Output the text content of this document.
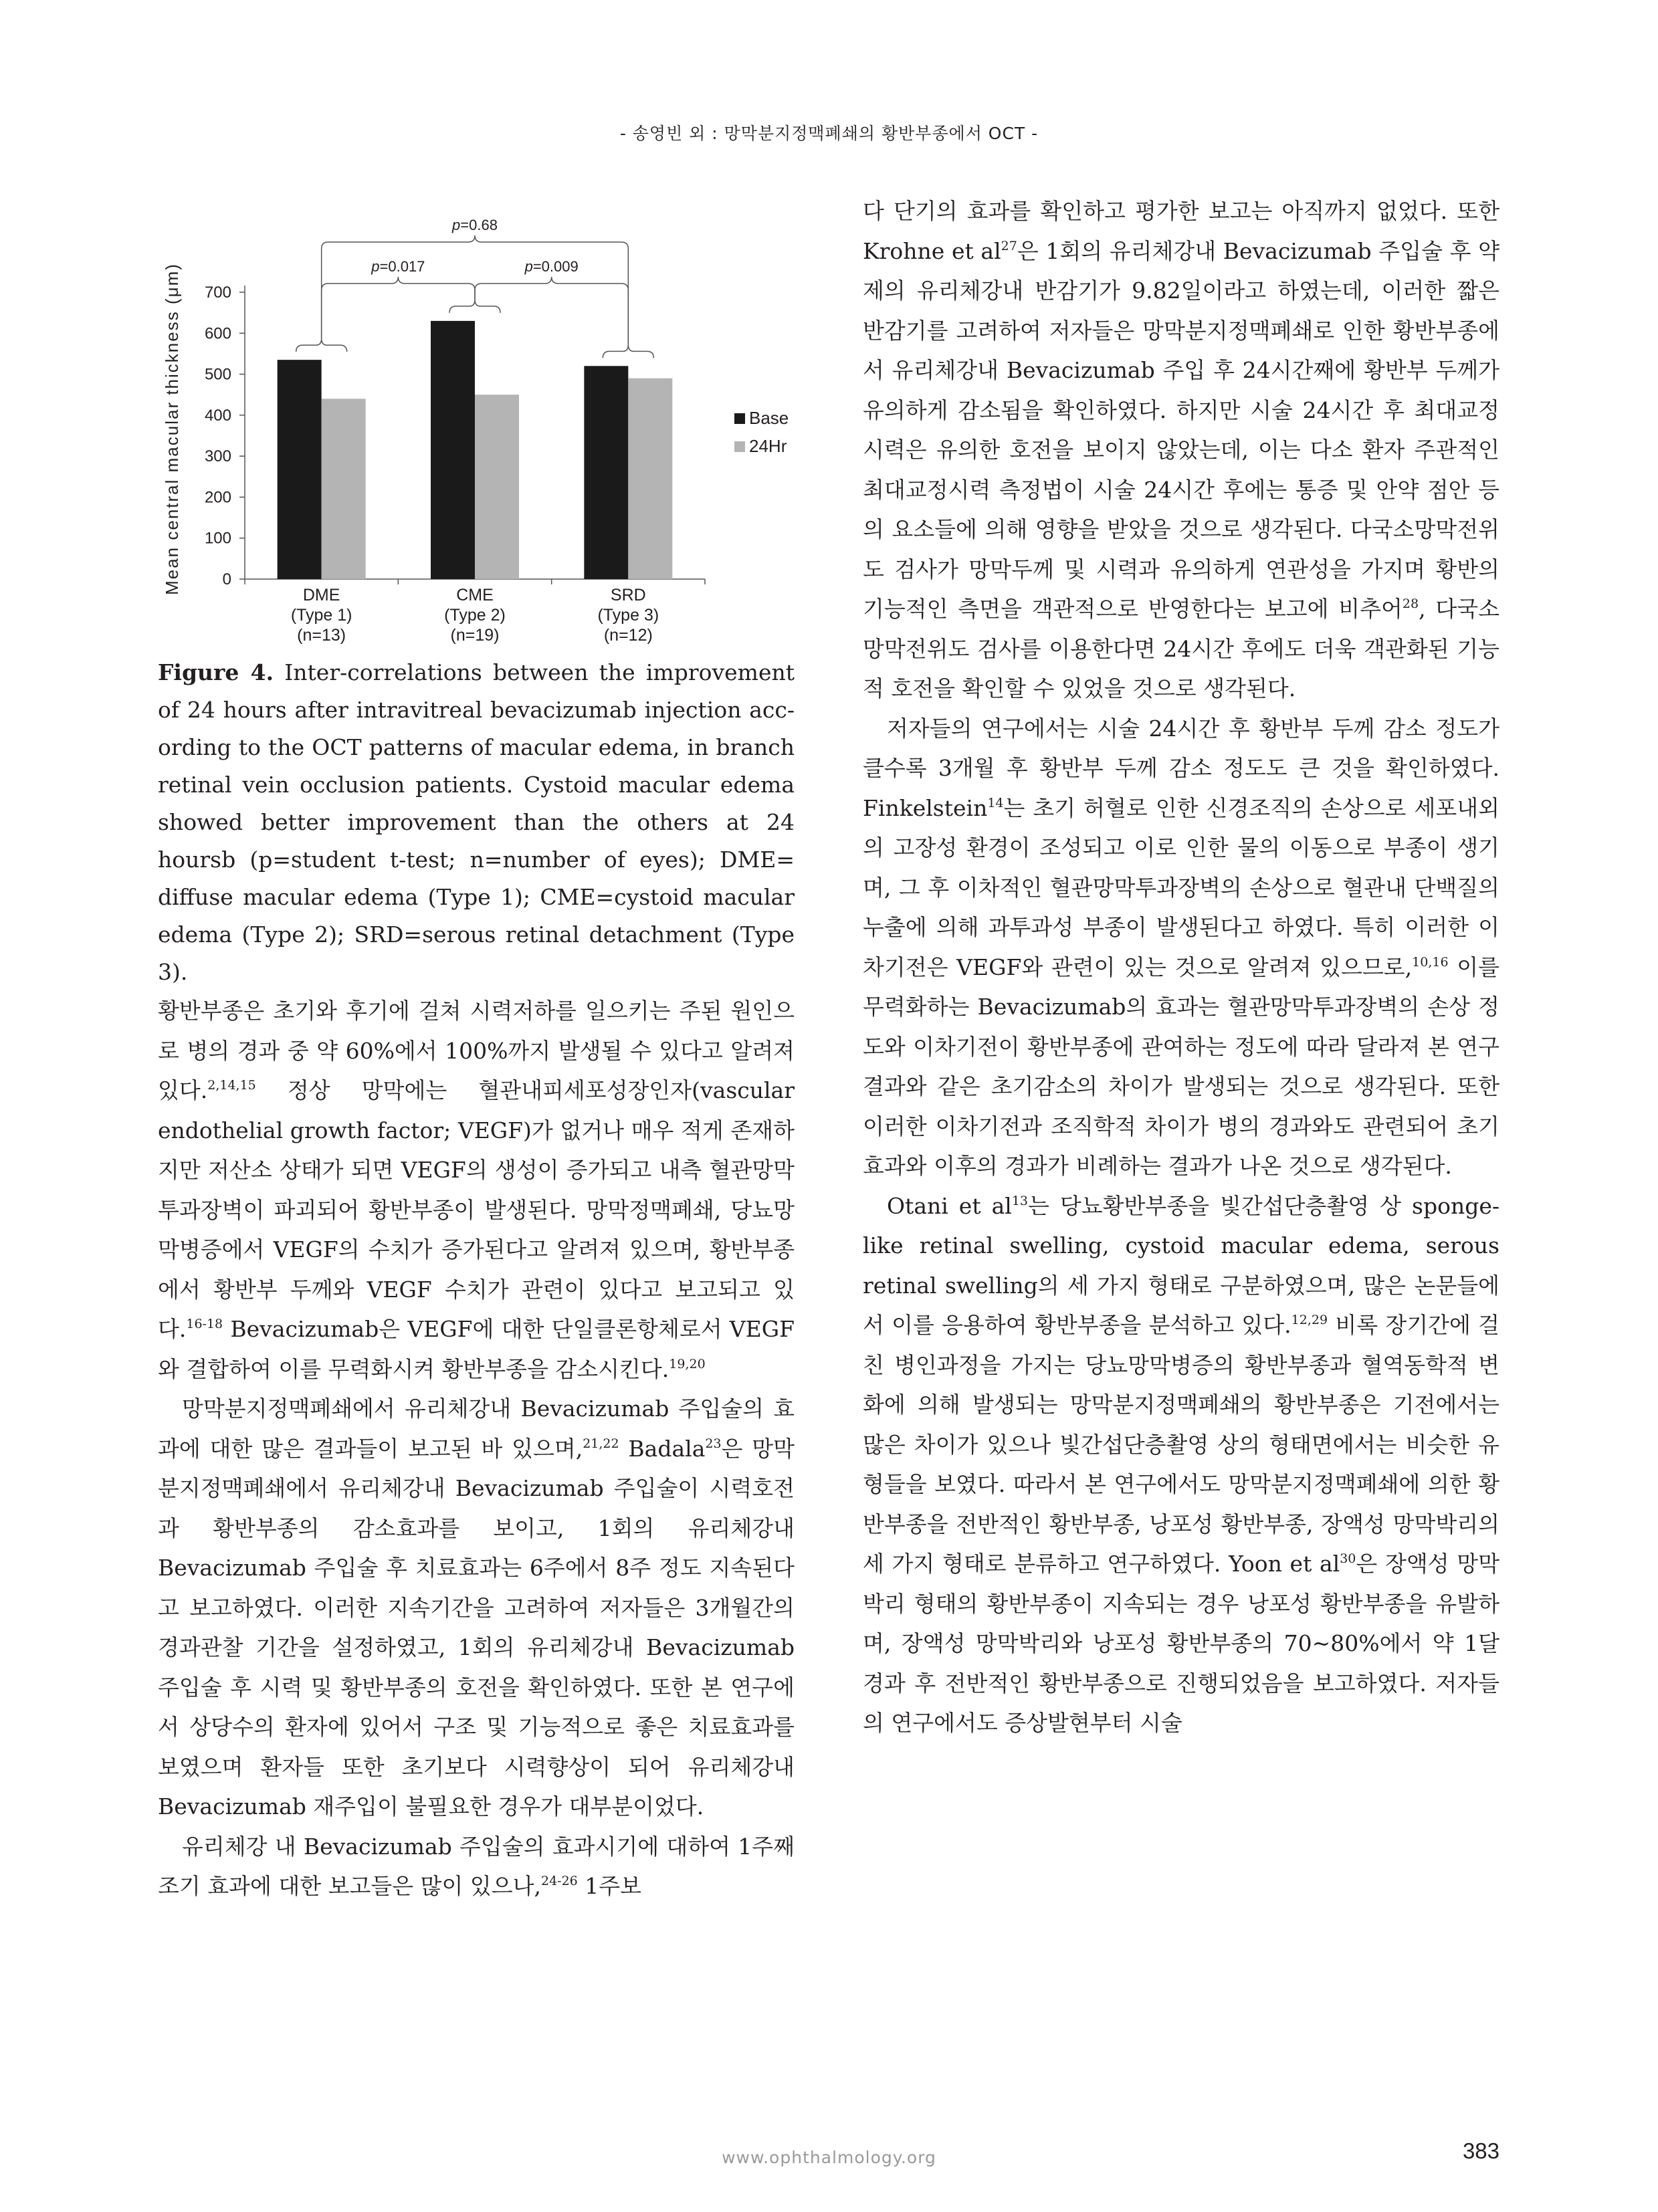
- 송영빈 외 : 망막분지정맥폐쇄의 황반부종에서 OCT -
Mean central macular thickness (μm)	0
100
200
300
400
500
600
700
DME
(Type 1)
(n=13)
CME
(Type 2)
(n=19)
SRD
(Type 3)
(n=12)
p=0.017	p=0.009
p=0.68
Base
24Hr
Figure 4. Inter-correlations between the improvement of 24 hours after intravitreal bevacizumab injection acc-ording to the OCT patterns of macular edema, in branch retinal vein occlusion patients. Cystoid macular edema showed better improvement than the others at 24 hoursb (p=student t-test; n=number of eyes); DME= diffuse macular edema (Type 1); CME=cystoid macular edema (Type 2); SRD=serous retinal detachment (Type 3).

황반부종은 초기와 후기에 걸쳐 시력저하를 일으키는 주된 원인으로 병의 경과 중 약 60%에서 100%까지 발생될 수 있다고 알려져 있다.$^{2,14,15}$ 정상 망막에는 혈관내피세포성장인자(vascular endothelial growth factor; VEGF)가 없거나 매우 적게 존재하지만 저산소 상태가 되면 VEGF의 생성이 증가되고 내측 혈관망막투과장벽이 파괴되어 황반부종이 발생된다. 망막정맥폐쇄, 당뇨망막병증에서 VEGF의 수치가 증가된다고 알려져 있으며, 황반부종에서 황반부 두께와 VEGF 수치가 관련이 있다고 보고되고 있다.$^{16-18}$ Bevacizumab은 VEGF에 대한 단일클론항체로서 VEGF와 결합하여 이를 무력화시켜 황반부종을 감소시킨다.$^{19,20}$

망막분지정맥폐쇄에서 유리체강내 Bevacizumab 주입술의 효과에 대한 많은 결과들이 보고된 바 있으며,$^{21,22}$ Badala$^{23}$은 망막분지정맥폐쇄에서 유리체강내 Bevacizumab 주입술이 시력호전과 황반부종의 감소효과를 보이고, 1회의 유리체강내 Bevacizumab 주입술 후 치료효과는 6주에서 8주 정도 지속된다고 보고하였다. 이러한 지속기간을 고려하여 저자들은 3개월간의 경과관찰 기간을 설정하였고, 1회의 유리체강내 Bevacizumab 주입술 후 시력 및 황반부종의 호전을 확인하였다. 또한 본 연구에서 상당수의 환자에 있어서 구조 및 기능적으로 좋은 치료효과를 보였으며 환자들 또한 초기보다 시력향상이 되어 유리체강내 Bevacizumab 재주입이 불필요한 경우가 대부분이었다.

유리체강 내 Bevacizumab 주입술의 효과시기에 대하여 1주째 조기 효과에 대한 보고들은 많이 있으나,$^{24-26}$ 1주보

다 단기의 효과를 확인하고 평가한 보고는 아직까지 없었다. 또한 Krohne et $al^{27}$은 1회의 유리체강내 Bevacizumab 주입술 후 약제의 유리체강내 반감기가 9.82일이라고 하였는데, 이러한 짧은 반감기를 고려하여 저자들은 망막분지정맥폐쇄로 인한 황반부종에서 유리체강내 Bevacizumab 주입 후 24시간째에 황반부 두께가 유의하게 감소됨을 확인하였다. 하지만 시술 24시간 후 최대교정시력은 유의한 호전을 보이지 않았는데, 이는 다소 환자 주관적인 최대교정시력 측정법이 시술 24시간 후에는 통증 및 안약 점안 등의 요소들에 의해 영향을 받았을 것으로 생각된다. 다국소망막전위도 검사가 망막두께 및 시력과 유의하게 연관성을 가지며 황반의 기능적인 측면을 객관적으로 반영한다는 보고에 비추어$^{28}$, 다국소망막전위도 검사를 이용한다면 24시간 후에도 더욱 객관화된 기능적 호전을 확인할 수 있었을 것으로 생각된다.

저자들의 연구에서는 시술 24시간 후 황반부 두께 감소 정도가 클수록 3개월 후 황반부 두께 감소 정도도 큰 것을 확인하였다. Finkelstein$^{14}$는 초기 허혈로 인한 신경조직의 손상으로 세포내외의 고장성 환경이 조성되고 이로 인한 물의 이동으로 부종이 생기며, 그 후 이차적인 혈관망막투과장벽의 손상으로 혈관내 단백질의 누출에 의해 과투과성 부종이 발생된다고 하였다. 특히 이러한 이차기전은 VEGF와 관련이 있는 것으로 알려져 있으므로,$^{10,16}$ 이를 무력화하는 Bevacizumab의 효과는 혈관망막투과장벽의 손상 정도와 이차기전이 황반부종에 관여하는 정도에 따라 달라져 본 연구결과와 같은 초기감소의 차이가 발생되는 것으로 생각된다. 또한 이러한 이차기전과 조직학적 차이가 병의 경과와도 관련되어 초기효과와 이후의 경과가 비례하는 결과가 나온 것으로 생각된다.

Otani et $al^{13}$는 당뇨황반부종을 빛간섭단층촬영 상 sponge-like retinal swelling, cystoid macular edema, serous retinal swelling의 세 가지 형태로 구분하였으며, 많은 논문들에서 이를 응용하여 황반부종을 분석하고 있다.$^{12,29}$ 비록 장기간에 걸친 병인과정을 가지는 당뇨망막병증의 황반부종과 혈역동학적 변화에 의해 발생되는 망막분지정맥폐쇄의 황반부종은 기전에서는 많은 차이가 있으나 빛간섭단층촬영 상의 형태면에서는 비슷한 유형들을 보였다. 따라서 본 연구에서도 망막분지정맥폐쇄에 의한 황반부종을 전반적인 황반부종, 낭포성 황반부종, 장액성 망막박리의 세 가지 형태로 분류하고 연구하였다. Yoon et $al^{30}$은 장액성 망막박리 형태의 황반부종이 지속되는 경우 낭포성 황반부종을 유발하며, 장액성 망막박리와 낭포성 황반부종의 70~80%에서 약 1달 경과 후 전반적인 황반부종으로 진행되었음을 보고하였다. 저자들의 연구에서도 증상발현부터 시술

www.ophthalmology.org	383
